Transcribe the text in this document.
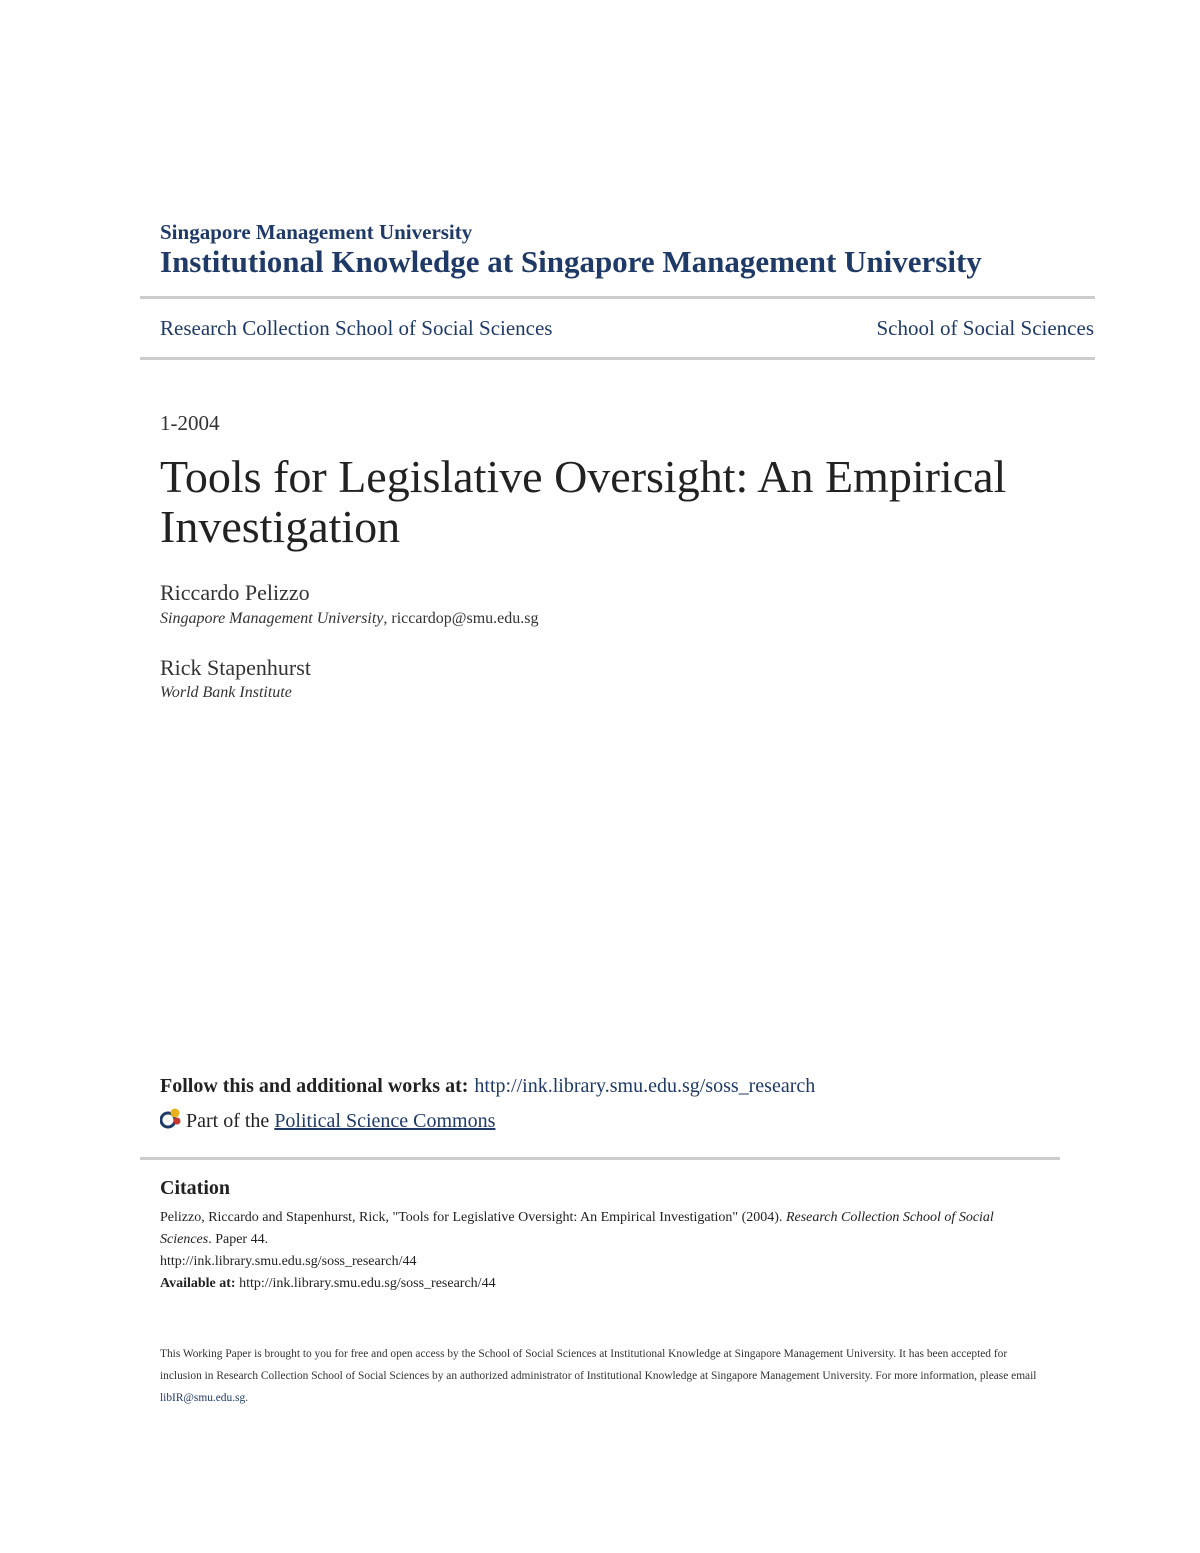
Singapore Management University
Institutional Knowledge at Singapore Management University
Research Collection School of Social Sciences	School of Social Sciences
1-2004
Tools for Legislative Oversight: An Empirical Investigation
Riccardo Pelizzo
Singapore Management University, riccardop@smu.edu.sg
Rick Stapenhurst
World Bank Institute
Follow this and additional works at: http://ink.library.smu.edu.sg/soss_research
Part of the Political Science Commons
Citation
Pelizzo, Riccardo and Stapenhurst, Rick, "Tools for Legislative Oversight: An Empirical Investigation" (2004). Research Collection School of Social Sciences. Paper 44.
http://ink.library.smu.edu.sg/soss_research/44
Available at: http://ink.library.smu.edu.sg/soss_research/44
This Working Paper is brought to you for free and open access by the School of Social Sciences at Institutional Knowledge at Singapore Management University. It has been accepted for inclusion in Research Collection School of Social Sciences by an authorized administrator of Institutional Knowledge at Singapore Management University. For more information, please email libIR@smu.edu.sg.
